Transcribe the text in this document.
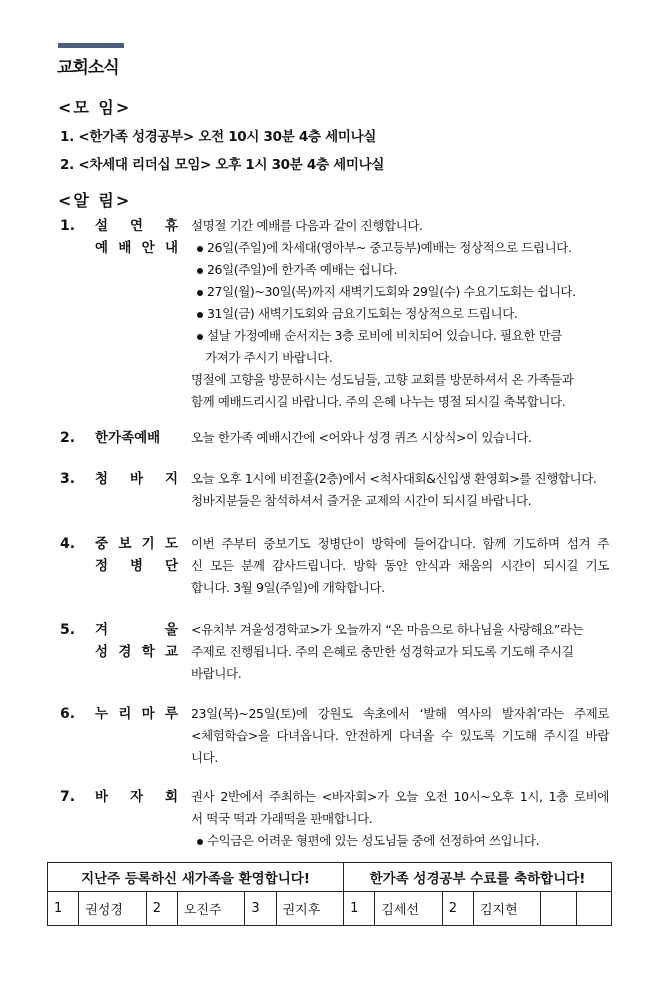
교회소식
<모 임>
1. <한가족 성경공부> 오전 10시 30분 4층 세미나실
2. <차세대 리더십 모임> 오후 1시 30분 4층 세미나실
<알 림>
1.	설 연 휴
예 배 안 내
설명절 기간 예배를 다음과 같이 진행합니다.
26일(주일)에 차세대(영아부~ 중고등부)예배는 정상적으로 드립니다.
26일(주일)에 한가족 예배는 쉽니다.
27일(월)~30일(목)까지 새벽기도회와 29일(수) 수요기도회는 쉽니다.
31일(금) 새벽기도회와 금요기도회는 정상적으로 드립니다.
설날 가정예배 순서지는 3층 로비에 비치되어 있습니다. 필요한 만큼
가져가 주시기 바랍니다.
명절에 고향을 방문하시는 성도님들, 고향 교회를 방문하셔서 온 가족들과
함께 예배드리시길 바랍니다. 주의 은혜 나누는 명절 되시길 축복합니다.
2.	한가족예배	오늘 한가족 예배시간에 <어와나 성경 퀴즈 시상식>이 있습니다.
3.	청 바 지 오늘 오후 1시에 비전홀(2층)에서 <척사대회&신입생 환영회>를 진행합니다.
청바지분들은 참석하셔서 즐거운 교제의 시간이 되시길 바랍니다.
4.	중 보 기 도
정 병 단
이번 주부터 중보기도 정병단이 방학에 들어갑니다. 함께 기도하며 섬겨 주
신 모든 분께 감사드립니다. 방학 동안 안식과 채움의 시간이 되시길 기도
합니다. 3월 9일(주일)에 개학합니다.
5.	겨 울
성 경 학 교
<유치부 겨울성경학교>가 오늘까지 “온 마음으로 하나님을 사랑해요”라는
주제로 진행됩니다. 주의 은혜로 충만한 성경학교가 되도록 기도해 주시길
바랍니다.
6.	누 리 마 루 23일(목)~25일(토)에 강원도 속초에서 ‘발해 역사의 발자취’라는 주제로
<체험학습>을 다녀옵니다. 안전하게 다녀올 수 있도록 기도해 주시길 바랍
니다.
7.	바 자 회 권사 2반에서 주최하는 <바자회>가 오늘 오전 10시~오후 1시, 1층 로비에
서 떡국 떡과 가래떡을 판매합니다.
수익금은 어려운 형편에 있는 성도님들 중에 선정하여 쓰입니다.
지난주 등록하신 새가족을 환영합니다!						한가족 성경공부 수료를 축하합니다!					
1	권성경	2	오진주	3	권지후	1	김세선	2	김지현		
